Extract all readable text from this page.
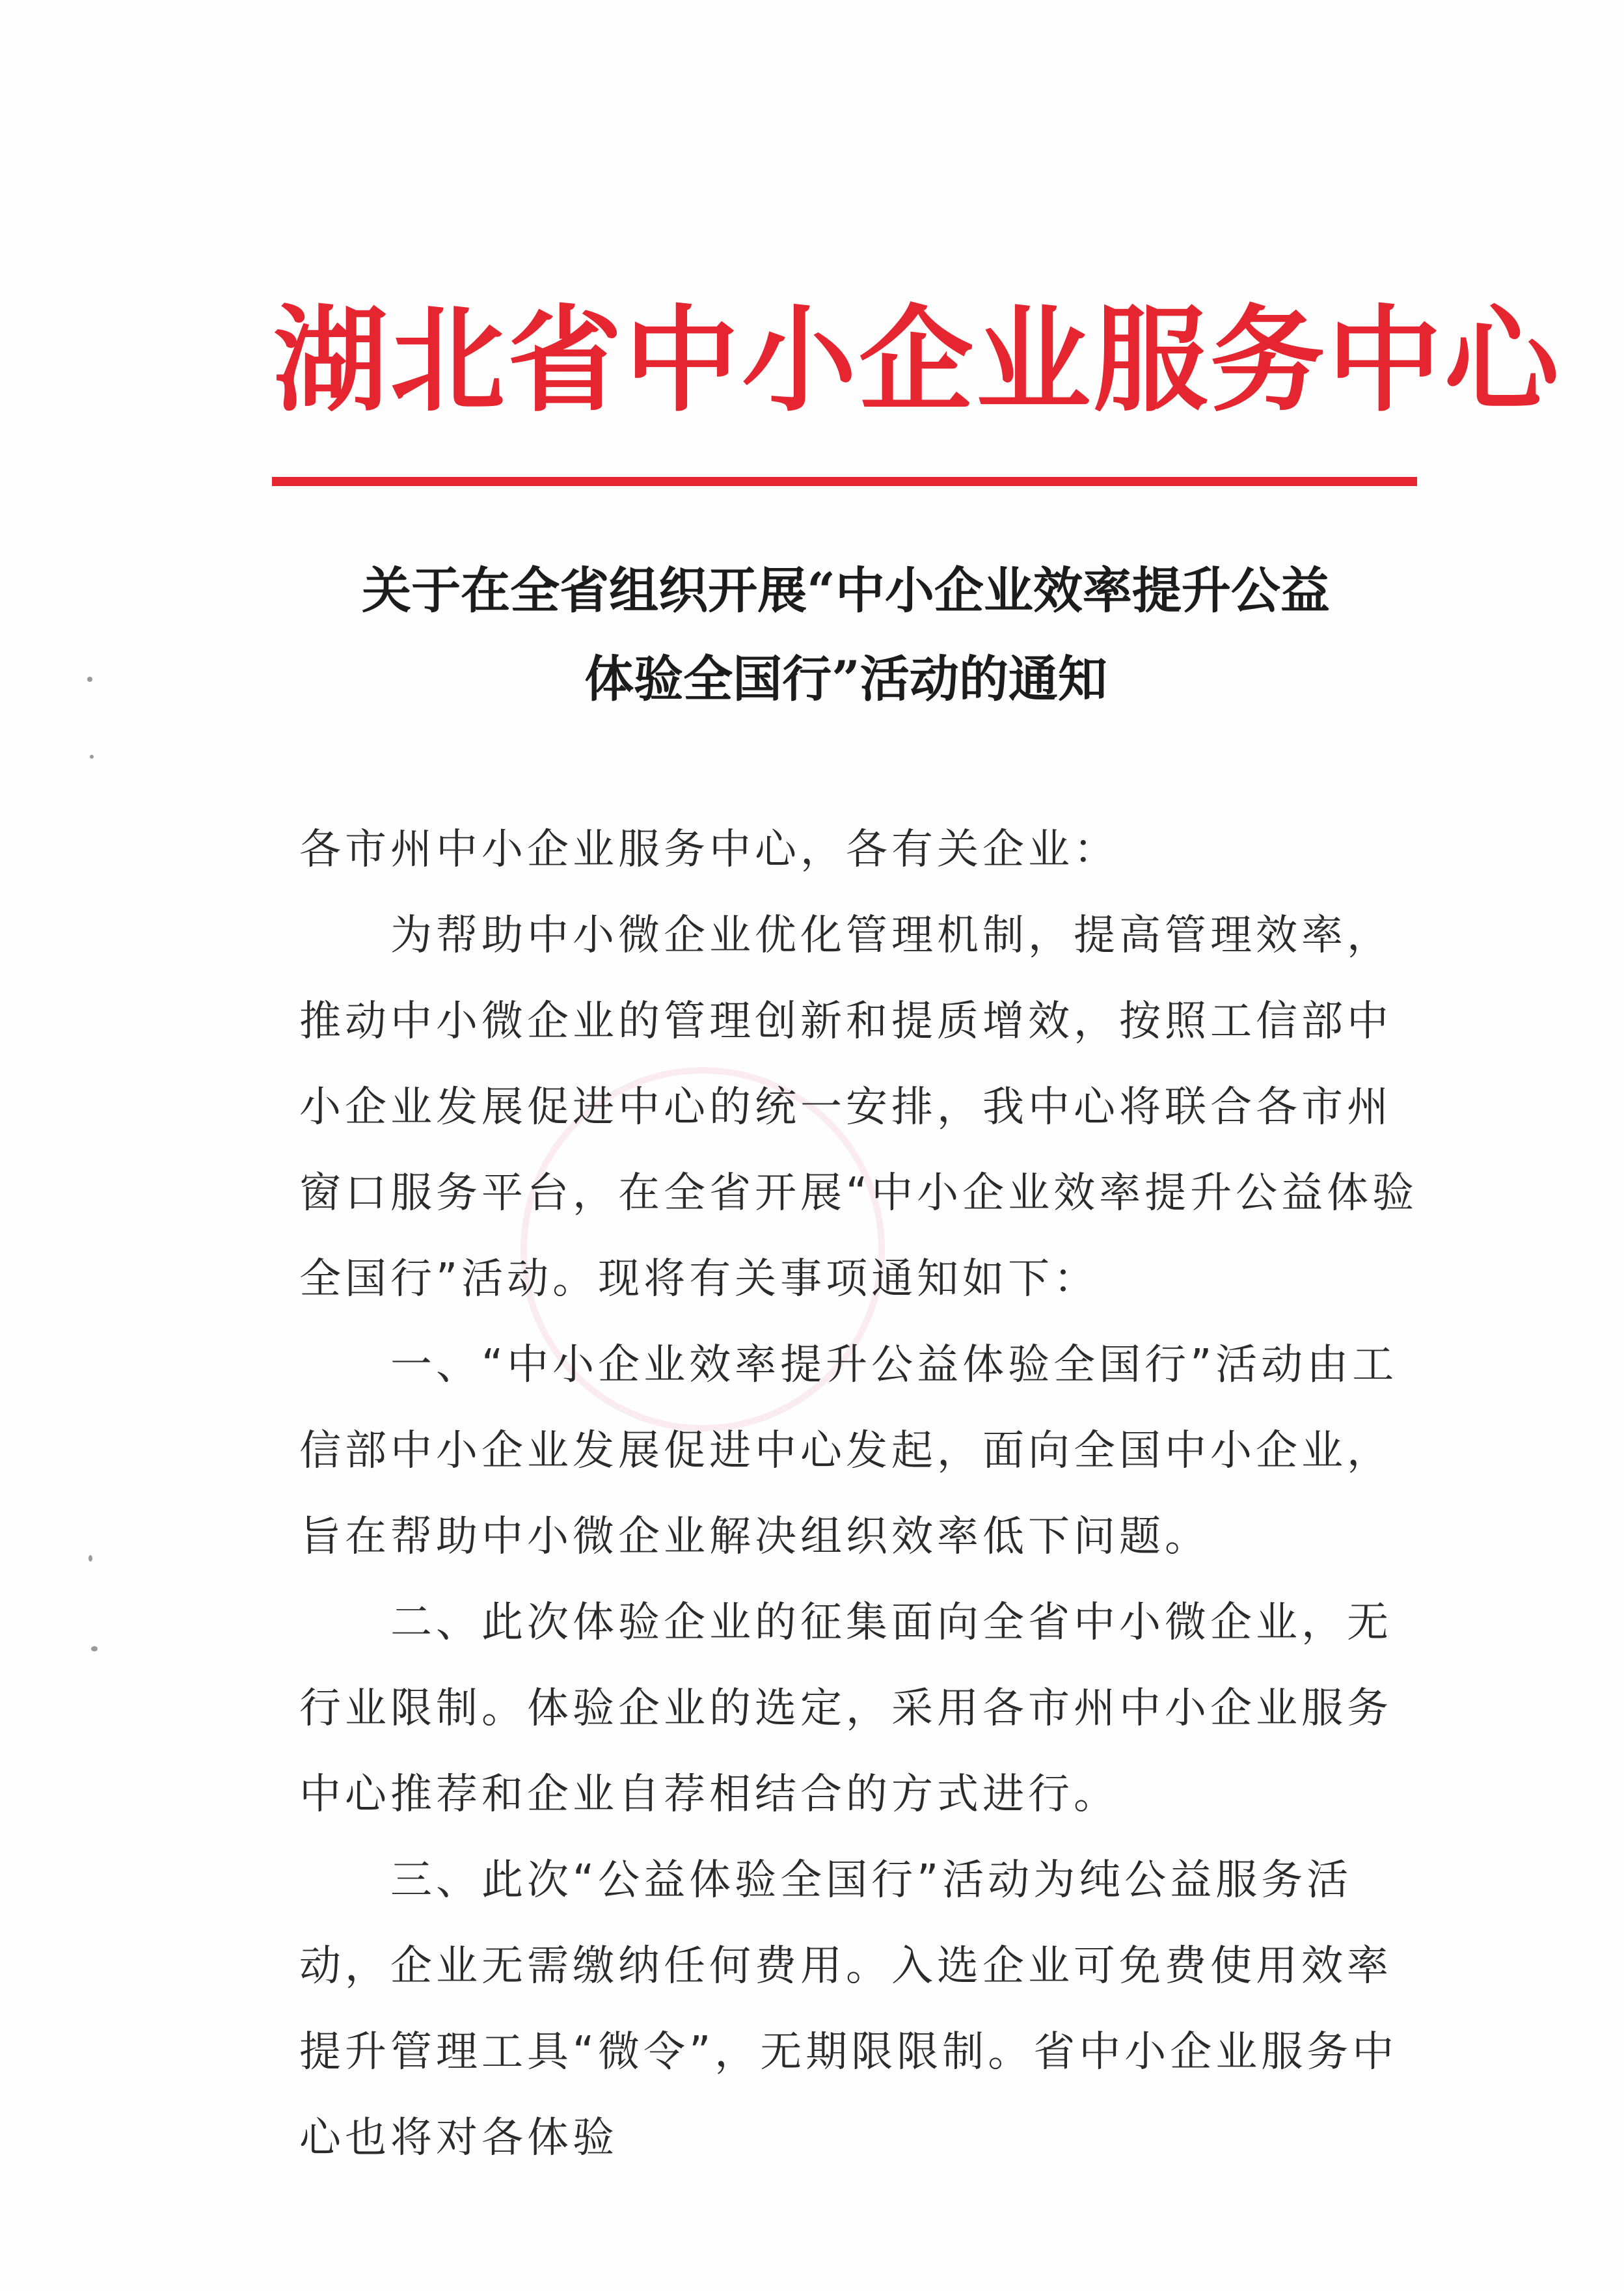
湖北省中小企业服务中心
关于在全省组织开展“中小企业效率提升公益
体验全国行”活动的通知

各市州中小企业服务中心，各有关企业：

为帮助中小微企业优化管理机制，提高管理效率，推动中小微企业的管理创新和提质增效，按照工信部中小企业发展促进中心的统一安排，我中心将联合各市州窗口服务平台，在全省开展“中小企业效率提升公益体验全国行”活动。现将有关事项通知如下：

一、“中小企业效率提升公益体验全国行”活动由工信部中小企业发展促进中心发起，面向全国中小企业，旨在帮助中小微企业解决组织效率低下问题。

二、此次体验企业的征集面向全省中小微企业，无行业限制。体验企业的选定，采用各市州中小企业服务中心推荐和企业自荐相结合的方式进行。

三、此次“公益体验全国行”活动为纯公益服务活动，企业无需缴纳任何费用。入选企业可免费使用效率提升管理工具“微令”，无期限限制。省中小企业服务中心也将对各体验
